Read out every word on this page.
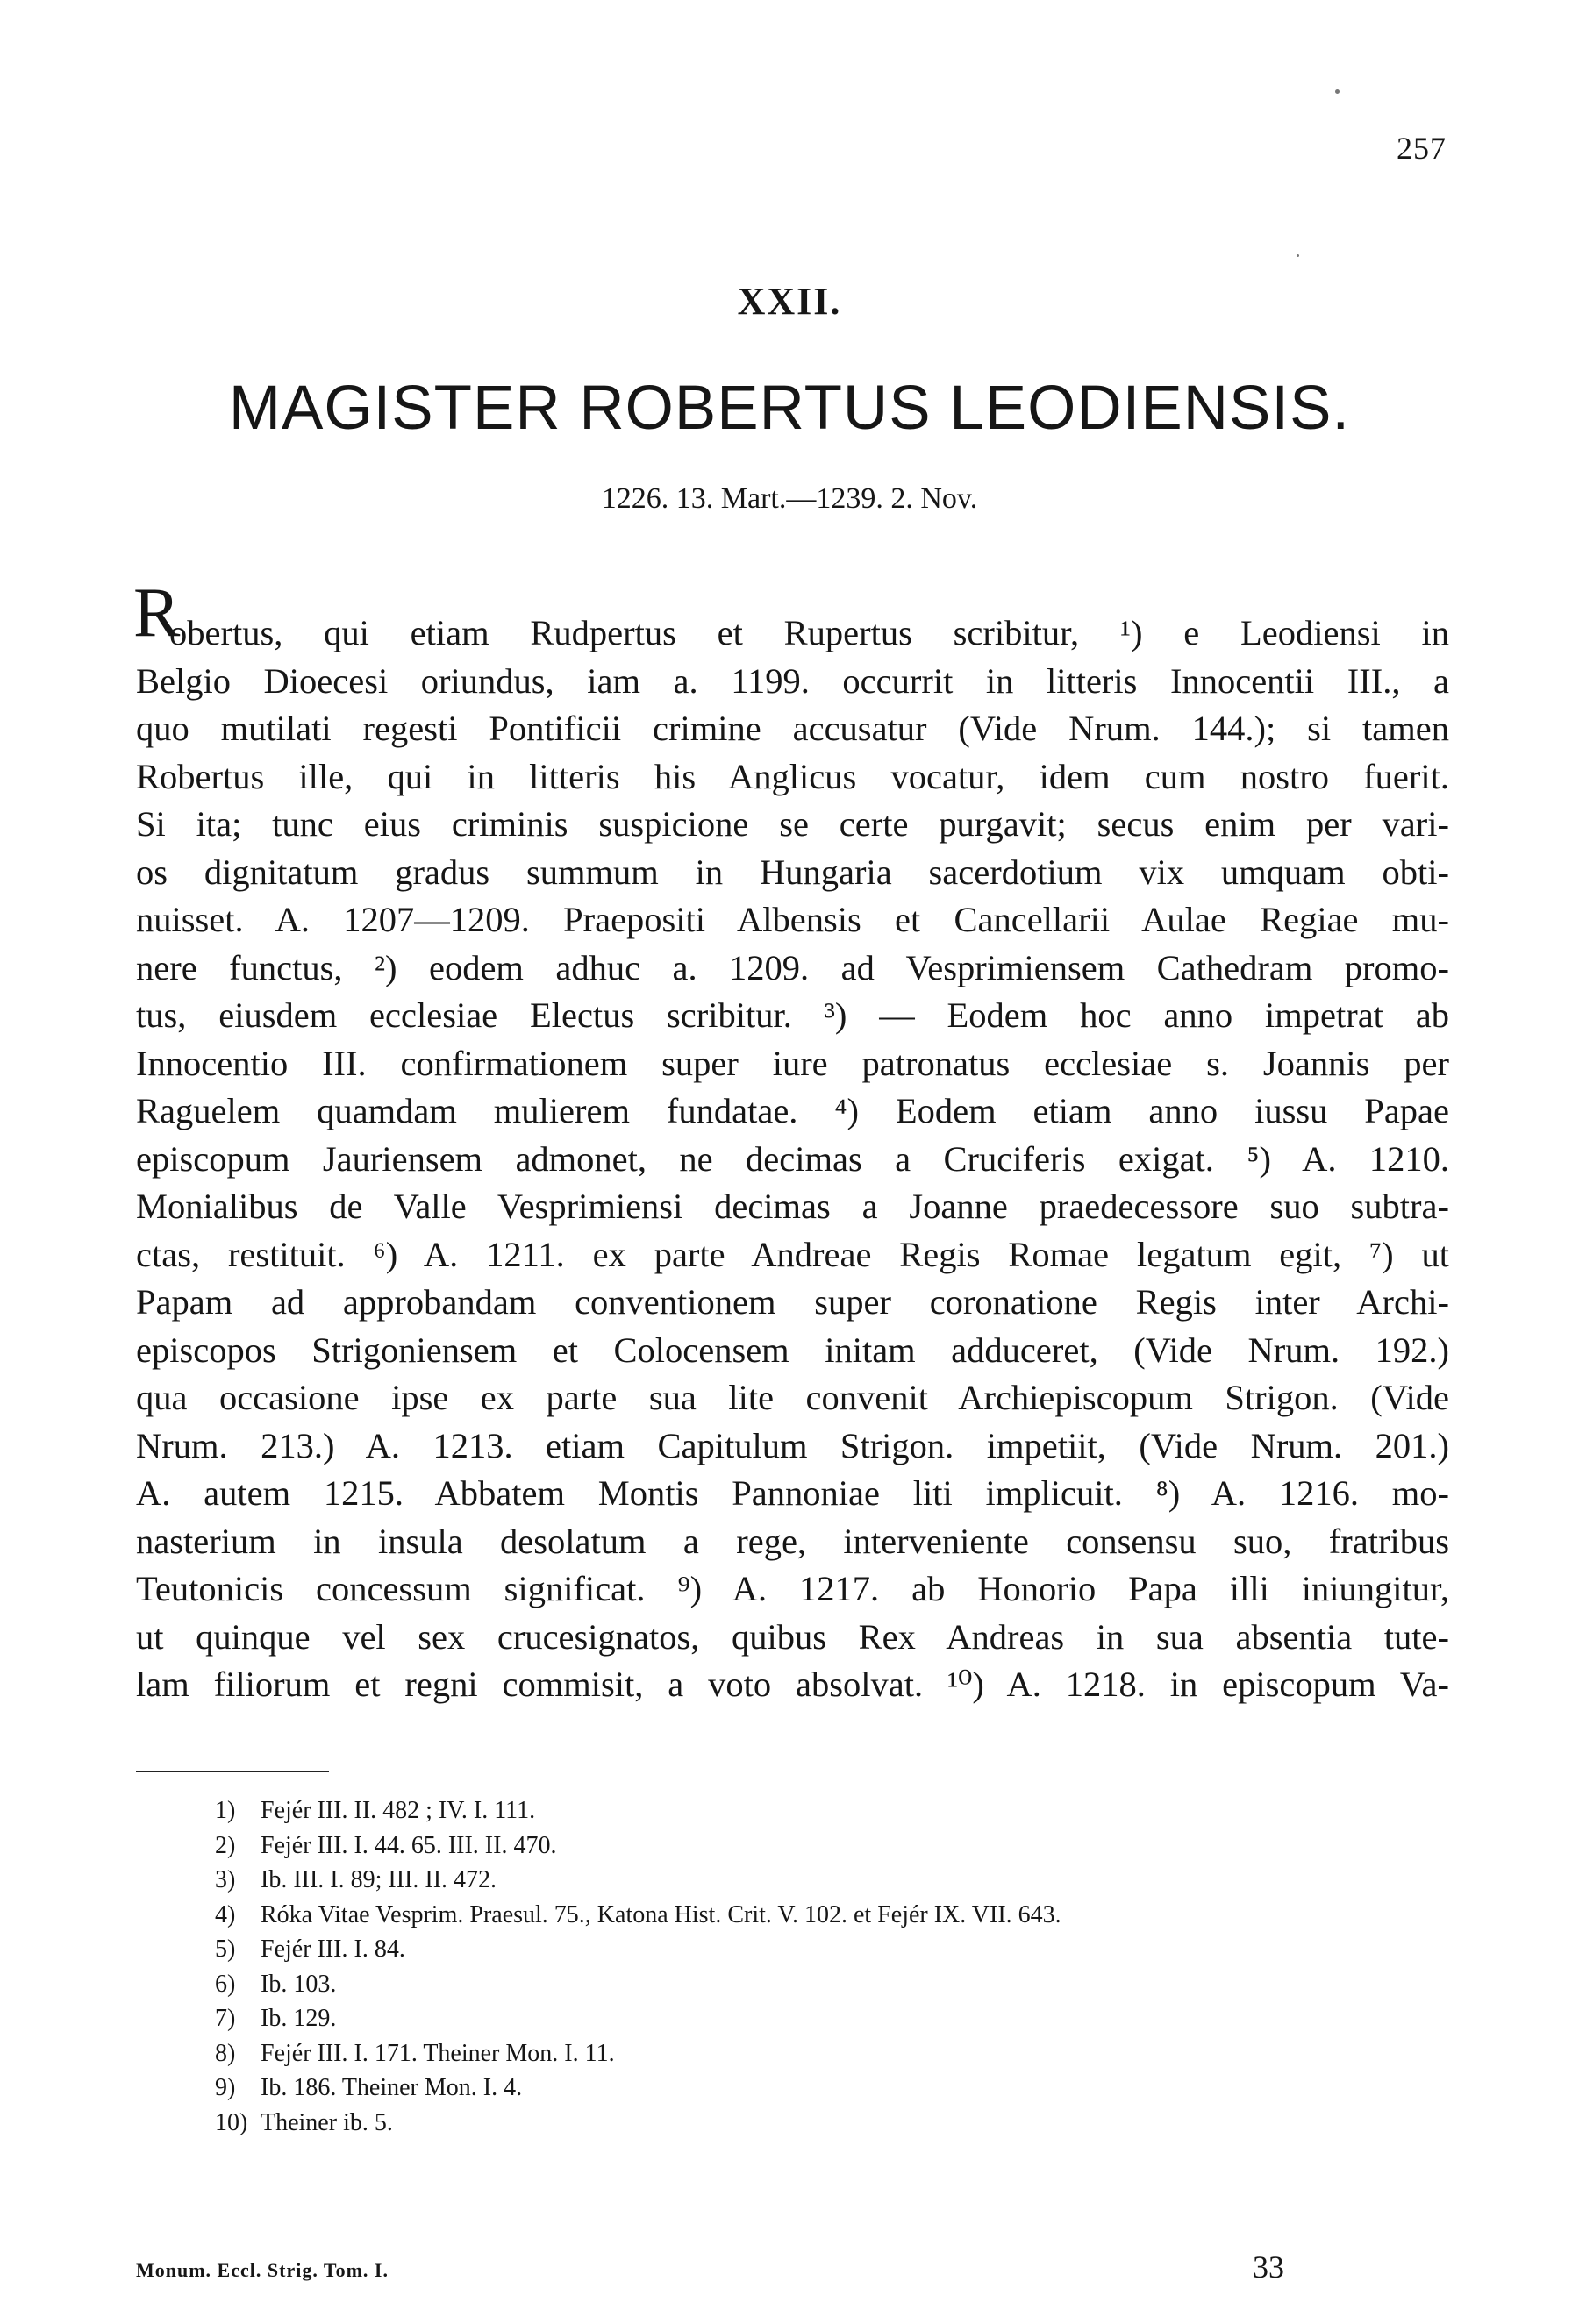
257
XXII.
MAGISTER ROBERTUS LEODIENSIS.
1226. 13. Mart.—1239. 2. Nov.
R
obertus, qui etiam Rudpertus et Rupertus scribitur, ¹) e Leodiensi in
Belgio Dioecesi oriundus, iam a. 1199. occurrit in litteris Innocentii III., a
quo mutilati regesti Pontificii crimine accusatur (Vide Nrum. 144.); si tamen
Robertus ille, qui in litteris his Anglicus vocatur, idem cum nostro fuerit.
Si ita; tunc eius criminis suspicione se certe purgavit; secus enim per vari-
os dignitatum gradus summum in Hungaria sacerdotium vix umquam obti-
nuisset. A. 1207—1209. Praepositi Albensis et Cancellarii Aulae Regiae mu-
nere functus, ²) eodem adhuc a. 1209. ad Vesprimiensem Cathedram promo-
tus, eiusdem ecclesiae Electus scribitur. ³) — Eodem hoc anno impetrat ab
Innocentio III. confirmationem super iure patronatus ecclesiae s. Joannis per
Raguelem quamdam mulierem fundatae. ⁴) Eodem etiam anno iussu Papae
episcopum Jauriensem admonet, ne decimas a Cruciferis exigat. ⁵) A. 1210.
Monialibus de Valle Vesprimiensi decimas a Joanne praedecessore suo subtra-
ctas, restituit. ⁶) A. 1211. ex parte Andreae Regis Romae legatum egit, ⁷) ut
Papam ad approbandam conventionem super coronatione Regis inter Archi-
episcopos Strigoniensem et Colocensem initam adduceret, (Vide Nrum. 192.)
qua occasione ipse ex parte sua lite convenit Archiepiscopum Strigon. (Vide
Nrum. 213.) A. 1213. etiam Capitulum Strigon. impetiit, (Vide Nrum. 201.)
A. autem 1215. Abbatem Montis Pannoniae liti implicuit. ⁸) A. 1216. mo-
nasterium in insula desolatum a rege, interveniente consensu suo, fratribus
Teutonicis concessum significat. ⁹) A. 1217. ab Honorio Papa illi iniungitur,
ut quinque vel sex crucesignatos, quibus Rex Andreas in sua absentia tute-
lam filiorum et regni commisit, a voto absolvat. ¹⁰) A. 1218. in episcopum Va-
1) Fejér III. II. 482 ; IV. I. 111.
2) Fejér III. I. 44. 65. III. II. 470.
3) Ib. III. I. 89; III. II. 472.
4) Róka Vitae Vesprim. Praesul. 75., Katona Hist. Crit. V. 102. et Fejér IX. VII. 643.
5) Fejér III. I. 84.
6) Ib. 103.
7) Ib. 129.
8) Fejér III. I. 171. Theiner Mon. I. 11.
9) Ib. 186. Theiner Mon. I. 4.
10) Theiner ib. 5.
Monum. Eccl. Strig. Tom. I.	33
